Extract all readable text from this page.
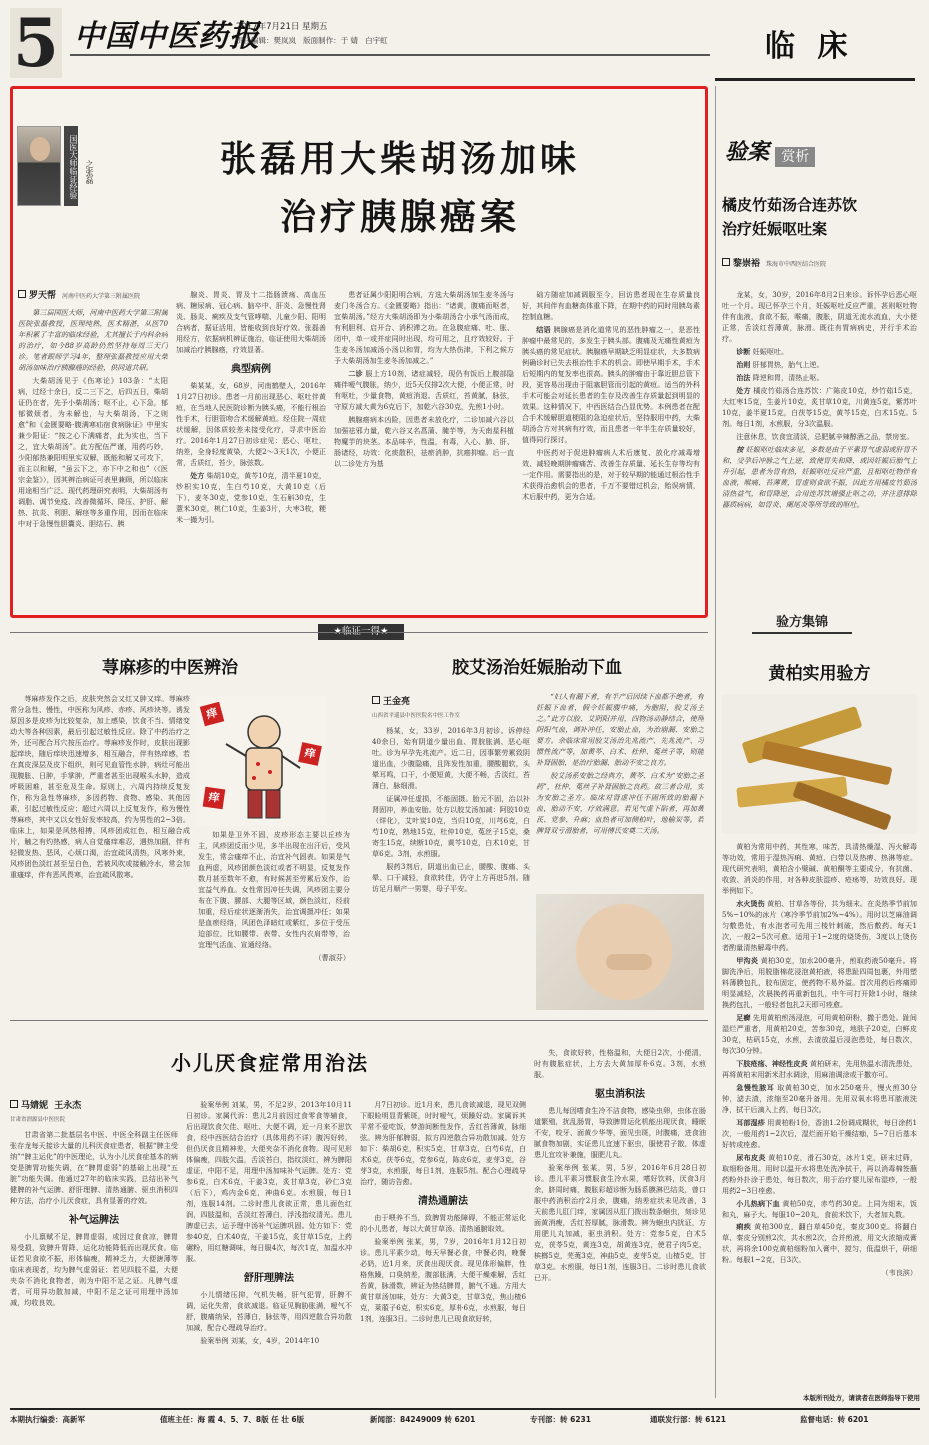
5 中国中医药报
2017年7月21日 星期五
责任编辑：樊岚岚   版面制作：于 婧   白宇虹	临 床
国医大师临证经验 之张磊	张磊用大柴胡汤加味
治疗胰腺癌案
罗天帮 河南中医药大学第三附属医院

第三届国医大师，河南中医药大学第三附属医院张磊教授，医理纯熟，医术精湛，从医70年积累了丰富的临床经验，尤其擅长于内科杂病的治疗，如今88岁高龄仍然坚持每周三天门诊。笔者跟师学习4年，整理张磊教授应用大柴胡汤加味治疗胰腺癌的经验，供同道共研。

大柴胡汤见于《伤寒论》103条：“太阳病，过经十余日，反二三下之，后四五日，柴胡证仍在者，先予小柴胡汤；呕不止，心下急，郁郁微烦者，为未解也，与大柴胡汤，下之则愈”和《金匮要略·腹满寒疝宿食病脉证》中里实兼少阳证：“按之心下满痛者，此为实也，当下之，宜大柴胡汤”。此方配伍严谨，用药巧妙，少阳郁热兼阳明里实双解，既能和解又可攻下，而主以和解，“虽云下之，亦下中之和也”（《医宗金鉴》），因其辨治病证可表里兼顾，所以临床用途相当广泛。现代药理研究表明，大柴胡汤有调脂、调节免疫、改善微循环、降压、护肝、解热、抗炎、利胆、解痉等多重作用，因而在临床中对于急慢性胆囊炎、胆结石、胰

腺炎、胃炎、胃及十二指肠溃疡、高血压病、糖尿病、冠心病、脑卒中、肝炎、急慢性肾炎、肠炎、痢疾及支气管哮喘、儿童少阳、阳明合病者，据证活用，皆能收到良好疗效。张磊善用经方，依据病机辨证施治，临证使用大柴胡汤加减治疗胰腺癌，疗效显著。

典型病例

柴某某，女，68岁，河南鹤壁人，2016年1月27日初诊。患者一月前出现恶心、呕吐伴黄疸，在当地人民医院诊断为胰头癌，不能行根治性手术，行胆管吻合术缓解黄疸。经住院一周症状缓解，因体质较差未接受化疗，寻求中医治疗。2016年1月27日初诊症见：恶心、呕吐，纳差，全身轻度黄染，大便2～3天1次，小便正常，舌质红，苔少，脉弦数。

处方 柴胡10克，黄芩10克，清半夏10克，炒枳实10克，生白芍10克，大黄10克（后下），麦冬30克，党参10克，生石斛30克，生薏米30克，桃仁10克，生姜3片，大枣3枚，粳米一撮为引。

患者证属少阳阳明合病，方选大柴胡汤加生麦冬汤与麦门冬汤合方。《金匮要略》指出：“诸黄，腹痛而呕者，宜柴胡汤。”经方大柴胡汤即为小柴胡汤合小承气汤而成，有利胆利、启开合、消积滞之功。在急腹症痛、吐、胀、闭中，单一或并症同时出现，均可用之，且疗效较好。于生麦冬汤加减汤小汤以和胃，均为大热伤津，下利之候方予大柴胡汤加生麦冬汤加减之。”

二诊 服上方10剂，诸症减轻，现仍有饭后上腹部隐痛伴嗳气腹胀，纳少，近5天仅排2次大便，小便正常，时有呕吐，少量食物，黄疸消退。舌质红，苔黄腻，脉弦，守原方减大黄为6克后下，加乾六谷30克，先煎1小时。

胰腺癌病本凶险，因患者未放化疗，二诊加减六谷以加强祛邪力量，乾六谷又名菖蒲、腌芋等，为天南星科植物魔芋的块茎。本品味辛，性温，有毒，入心、肺、肝、肠诸经，功效：化痰散积，祛瘀消肿，抗癌抑瘤。后一直以二诊处方为基

础方随症加减调服至今，回访患者现在生存质量良好，其间伴有血糖高体重下降，在期中药的同时用胰岛素控制血糖。

结语 胰腺癌是消化道常见的恶性肿瘤之一，是恶性肿瘤中最常见的，多发生于胰头部。腹痛及无痛性黄疸为胰头癌的常见症状。胰腺癌早期缺乏明显症状，大多数病例确诊时已失去根治性手术的机会。即使早期手术，手术后短期内的复发率也很高。胰头的肿瘤由于靠近胆总管下段，更容易出现由于阻塞胆管而引起的黄疸。适当的外科手术可能会对延长患者的生存及改善生存质量起到明显的效果。这种情况下，中西医结合凸显优势。本例患者在配合手术缓解胆道梗阻的急迫症状后，坚持服用中药，大柴胡汤合方对其病有疗效，而且患者一年半生存质量较好，值得同行探讨。

中医药对于促进肿瘤病人术后康复、放化疗减毒增效、减轻晚期肿瘤痛苦、改善生存质量、延长生存等均有一定作用。需要指出的是，对于较早期的能通过根治性手术获得治愈机会的患者，千万不要错过机会，贻误病情，术后服中药，更为合适。

验案 赏析
橘皮竹茹汤合连苏饮
治疗妊娠呕吐案
黎崇裕 珠海市中西医结合医院

龙某，女，30岁，2016年8月2日来诊。诉怀孕后恶心呕吐一个月。现已怀孕三个月，妊娠呕吐反应严重，甚则呕吐物伴有血液，食欲不振，喉痛，腹胀，阴道无流水流血，大小便正常，舌淡红苔薄黄，脉滑。既往有胃病病史，并行手术治疗。

诊断 妊娠呕吐。

治则 肝郁胃热，胎气上逆。

治法 降逆和胃，清热止呕。

处方 橘皮竹茹汤合连苏饮：广陈皮10克，炒竹茹15克，大红枣15克，生姜片10克，炙甘草10克，川黄连5克，紫苏叶10克，姜半夏15克，白茯苓15克，黄芩15克，白术15克。5剂。每日1剂，水煎服，分3次温服。

注意休息，饮食宜清淡，忌肥腻辛辣醇酒之品，禁房室。

按 妊娠呕吐临床多见，多数是由于平素胃气虚弱或肝胃不和，受孕后冲脉之气上逆，致使胃失和降，或因妊娠后胎气上升引起，患者为胃有热，妊娠呕吐反应严重，且相呕吐物伴有血液，喉痛、苔薄黄，胃虚则食欲不振，因此方用橘皮竹茹汤清热益气，和胃降逆，合用连苏饮增强止呕之功，并注意排除器质病病，如胃炎、阑尾炎等所导致的呕吐。

验方集锦
黄柏实用验方

黄柏为常用中药，其性寒，味苦，具清热燥湿、泻火解毒等功效，常用于湿热泻痢、黄疸、白带以及热痹、热淋等症。现代研究表明，黄柏含小檗碱、黄柏酮等主要成分，有抗菌、收敛、消炎的作用，对各种皮肤湿疹、疮疡等，功效良好。现举例如下。

水火烫伤 黄柏、甘草各等份，共为细末。在炎热季节前加5%~10%的冰片（寒冷季节前加2%~4%）。用时以芝麻油调匀敷患处，有水泡者可先用三棱针刺破，然后敷药。每天1次，一般2~5次可愈。适用于1~2度的烧烫伤，3度以上烫伤者酌量清热解毒中药。

甲沟炎 黄柏30克，加水200毫升，煎取药液50毫升。将脚洗净后，用脱脂棉花浸泡黄柏液，将患趾四周包裹，外用塑料薄膜包扎，胶布固定，使药物不易外溢。首次用药后疼痛即明显减轻，次晨换药再重新包扎，中午可打开除1小时，继续换药包扎，一般轻者包扎2天即可痊愈。

足癣 先用黄柏煎汤浸泡，可用黄柏研粉，撒于患处。趾间湿烂严重者，用黄柏20克，苦参30克，地肤子20克，白鲜皮30克，枯矾15克，水煎，去渣放温后浸泡患处，每日数次，每次30分钟。

下肢疮疡、神经性皮炎 黄柏研末，先用热温水清洗患处，再将黄柏末用新米泔水调涂，用麻油调涂或干撒亦可。

急慢性脓耳 取黄柏30克，加水250毫升，慢火煎30分钟，滤去渣，浓缩至20毫升备用。先用双氧水将患耳脓液洗净，拭干后滴入上药，每日3次。

耳部湿疹 用黄柏粉1份，香油1.2份调成糊状，每日涂药1次，一般用药1~2次后，湿烂面开始干燥结痂，5~7日后基本好转或痊愈。

尿布皮炎 黄柏10克，滑石30克，冰片1克，研末过筛，取细粉备用。用时以温开水将患处洗净拭干，再以消毒棉签蘸药粉外扑涂于患处，每日数次，用于治疗婴儿尿布湿疹，一般用药2~3日痊愈。

小儿热病下血 黄柏50克，赤芍药30克。上同为细末，饭和丸，麻子大。每服10~20丸，食前米饮下，大者加丸数。

痢疾 黄柏300克，翻白草450克，秦皮300克。将翻白草、秦皮分别煎2次，共水煎2次，合并煎液，用文火浓缩成膏状，再将余100克黄柏细粉加入膏中，搅匀，低温烘干，研细粉。每服1~2克，日3次。

（韦良滨）

本版所刊处方，请读者在医师指导下使用
荨麻疹的中医辨治

荨麻疹发作之后，皮肤突然会又红又肿又痒。荨麻疹常分急性、慢性，中医称为风疹、赤疹、风疹块等。诱发原因多是皮疹为比较复杂，加上感染，饮食不当、情绪变动大等各种因素，最后引起过敏性反应。除了中药治疗之外，还可配合耳穴按压治疗。荨麻疹发作时，皮肤出现影起痒块，随后痒块迅速增多，相互融合，伴有热痒感，若在真皮深层及皮下组织，则可见血管性水肿，病灶可能出现腹胀、日肿，手掌肿，严重者甚至出现喉头水肿，造成呼吸困难，甚至危及生命。原则上，六周内持续反复发作，称为急性荨麻疹，多因药物、食物、感染、其他因素，引起过敏性反应；超过六周以上反复发作，称为慢性荨麻疹，其中又以女性好发率较高，约为男性的2~3倍。临床上，如果是风热相搏，风疹团成红色，相互融合成片，触之有灼热感，病人自觉瘙痒难忍，遇热加剧，伴有轻微发热、恶风，心烦口渴，治宜疏风清热，风寒外束，风疹团色淡红甚至呈白色，若被风吹或接触冷水，常会加重瘙痒，伴有恶风畏寒，治宜疏风散寒。

痒
痒
痒

如果是卫外不固，皮疹形态主要以丘疹为主，风疹团反而少见，多半出现在出汗后，受风发生，常会瘙痒不止，治宜补气固表。如果是气血两虚，风疹团颜色淡红或者不明显，反复发作数月甚至数年不愈，有时候甚至劳累后发作，治宜益气养血。女性常因冲任失调，风疹团主要分布在下腹、腰部、大腿等区域，颜色淡红，经前加重，经后症状逐渐消失，治宜调摄冲任；如果是血瘀经络，风团色泽暗红或紫红，多位于受压迫部位，比如腰带、表带、女性内衣肩带等，治宜理气活血、宣通经络。

（曹淑芬）

胶艾汤治妊娠胎动下血
王金亮
山西省平遥县中医医院名中医工作室

杨某，女，33岁，2016年3月初诊。诉停经40余日，始有阴道少量出血、胃脘胀满、恶心呕吐。诊为早孕先兆流产。近二日，因事繁劳累致阴道出血，少腹隐痛，且阵发性加重，腰酸腿软，头晕耳鸣，口干，小便短黄，大便不畅，舌淡红，苔薄白，脉细滑。

证属冲任虚损，不能固摄。胎元不固，治以补肾固冲，养血安胎。处方以胶艾汤加减：阿胶10克（烊化），艾叶炭10克，当归10克，川芎6克，白芍10克，熟地15克，杜仲10克，菟丝子15克，桑寄生15克，续断10克，黄芩10克，白术10克，甘草6克。3剂，水煎服。

服药3剂后，阴道出血已止，腰酸、腹痛、头晕、口干减轻，食欲转佳，仍守上方再进5剂。随访足月顺产一男婴，母子平安。

“妇人有漏下者，有半产后因续下血都不绝者，有妊娠下血者，假令妊娠腹中痛，为胞阻，胶艾汤主之。”此方以胶、艾阴阳并用，四物汤动静结合，使理阴阳气血，调补冲任，安胎止血，为治崩漏、安胎之要方。余临床常用胶艾汤治先兆流产、先兆流产、习惯性流产等，加黄芩、白术、杜仲、菟丝子等，则能补肾固胎，是治疗胎漏、胎动不安之良方。

胶艾汤系安胎之经典方，黄芩、白术为“安胎之圣药”，杜仲、菟丝子补肾固胎之良药。故三者合用，实为安胎之圣方。临床对肾虚冲任不固所致的胎漏下血，胎动不安，疗效满意。若见气虚下陷者，再加黄芪、党参、升麻；血热者可加侧柏叶，地榆炭等。若脾肾双亏滑胎者，可用傅氏安奠二天汤。

小儿厌食症常用治法
马婧妮 王永杰
甘肃省渭源县中医医院

甘肃省第二批基层名中医、中医全科副主任医师张存龙每天接诊大量的儿科厌食症患者，根据“脾主受纳”“脾主运化”的中医理论，认为小儿厌食症基本的病变是脾胃功能失调，在“脾胃虚弱”的基础上出现“五脏”功能失调。他通过27年的临床实践，总结出补气健脾的补气运脾、舒肝理脾、清热通腑、驱虫消积四种方法，治疗小儿厌食症，具有显著的疗效。

补气运脾法

小儿禀赋不足，脾胃虚弱，或因过食食凉，脾胃易受损，致脾升胃降、运化功能降低而出现厌食。临证若见食欲不振，形体偏瘦，精神乏力，大便溏薄等临床表现者，均为脾气虚弱证；若见四肢不温，大便夹杂不消化食物者，则为中阳不足之证。凡脾气虚者，可用异功散加减，中阳不足之证可用理中汤加减，均收良效。

验案举例 刘某，男，不足2岁，2013年10月11日初诊。家属代诉：患儿2月前因过食零食等辅食，后出现饮食欠佳、呕吐、大便不调，近一月来不思饮食，经中西医结合治疗（具体用药不详）腹泻好转，但仍厌食且精神差，大便夹杂不消化食物。现可见形体偏瘦，四肢欠温，舌淡苔白，指纹淡红，辨为脾阳虚证，中阳不足，用理中汤加味补气运脾。处方：党参6克，白术6克，干姜3克，炙甘草3克，砂仁3克（后下），鸡内金6克，神曲6克。水煎服，每日1剂，连服14剂。二诊时患儿食欲正常，患儿面色红润，四肢温和，舌淡红苔薄白，浮浅指纹清光。患儿脾虚已去，运予理中汤补气运脾巩固。处方如下：党参40克，白术40克，干姜15克，炙甘草15克，上药碾粉，用红糖调味，每日服4次，每次1克，加温水冲服。

舒肝理脾法

小儿情绪压抑，气机失畅，肝气犯胃，肝脾不调，运化失常，食欲减退。临证见胸胁胀满，嗳气不舒，腹痛纳呆，苔薄白，脉弦等，用四逆散合异功散加减，配合心理疏导治疗。

验案举例 刘某，女，4岁，2014年10

月7日初诊。近1月来，患儿食欲减退，现见双侧下眼睑明显青紫斑，时时嗳气，烦躁好动。家属诉其平常不爱吃饭，梦游间断性发作，舌红苔薄黄，脉细弦。辨为肝郁脾弱，拟方四逆散合异功散加减。处方如下：柴胡6克，积实5克，甘草3克，白芍6克，白术6克，茯苓6克，党参6克，陈皮6克，麦芽3克，谷芽3克，水煎服，每日1剂，连服5剂。配合心理疏导治疗，随访告愈。

清热通腑法

由于喂养不当，致脾胃功能障碍，不能正常运化的小儿患者，每以大黄甘草汤、清热通腑取效。

验案举例 张某，男，7岁，2016年1月12日初诊。患儿平素少动，每天早餐必食，中餐必肉，晚餐必奶，近1月来，厌食出现厌食。现见体形偏胖，性格焦躁，口臭纳差，腹部胀满，大便干燥难解，舌红苔黄，脉滑数，辨证为热结脾胃，腑气不通。方用大黄甘草汤加味，处方：大黄3克，甘草3克，焦山楂6克，莱菔子6克，枳实6克，厚朴6克，水煎服，每日1剂，连服3日。二诊时患儿已现食欲好转，

失，食欲好转，性格温和，大便日2次，小便清，时有腹胀症状，上方去大黄加厚朴6克。3剂，水煎服。

驱虫消积法

患儿每因嗜食生冷不洁食物，感染虫卵，虫体在肠道繁殖，扰乱肠胃，导致脾胃运化机能出现厌食，睡眠不安，咬牙、面黄少华等，面见虫斑，时腹痛，进食油腻食物加剧，实证患儿宜速下驱虫，服使君子散，体虚患儿宜攻补兼施，服肥儿丸。

验案举例 张某，男，5岁，2016年6月28日初诊。患儿平素习惯服食生冷水果，嗜好饮料，厌食3月余，脐周时痛，腹胀彩超诊断为肠系膜淋巴结炎，曾口服中药消积治疗2月余，腹痛，纳差症状未见改善，3天前患儿肛门痒，家属因从肛门拨出数条蛔虫，刻诊见面黄消瘦，舌红苔厚腻，脉滑数。辨为蛔虫内扰证，方用肥儿丸加减，驱虫消积。处方：党参5克，白术5克，茯苓5克，黄连3克，胡黄连3克，使君子肉5克，槟榔5克，芜荑3克，神曲5克，麦芽5克，山楂5克，甘草3克。水煎服，每日1剂，连服3日。二诊时患儿食欲已开。

本期执行编委：高新军	值班主任：海 霞 4、5、7、8版 任 壮 6版	新闻部：84249009 转 6201	专刊部：转 6231	通联发行部：转 6121	监督电话：转 6201
